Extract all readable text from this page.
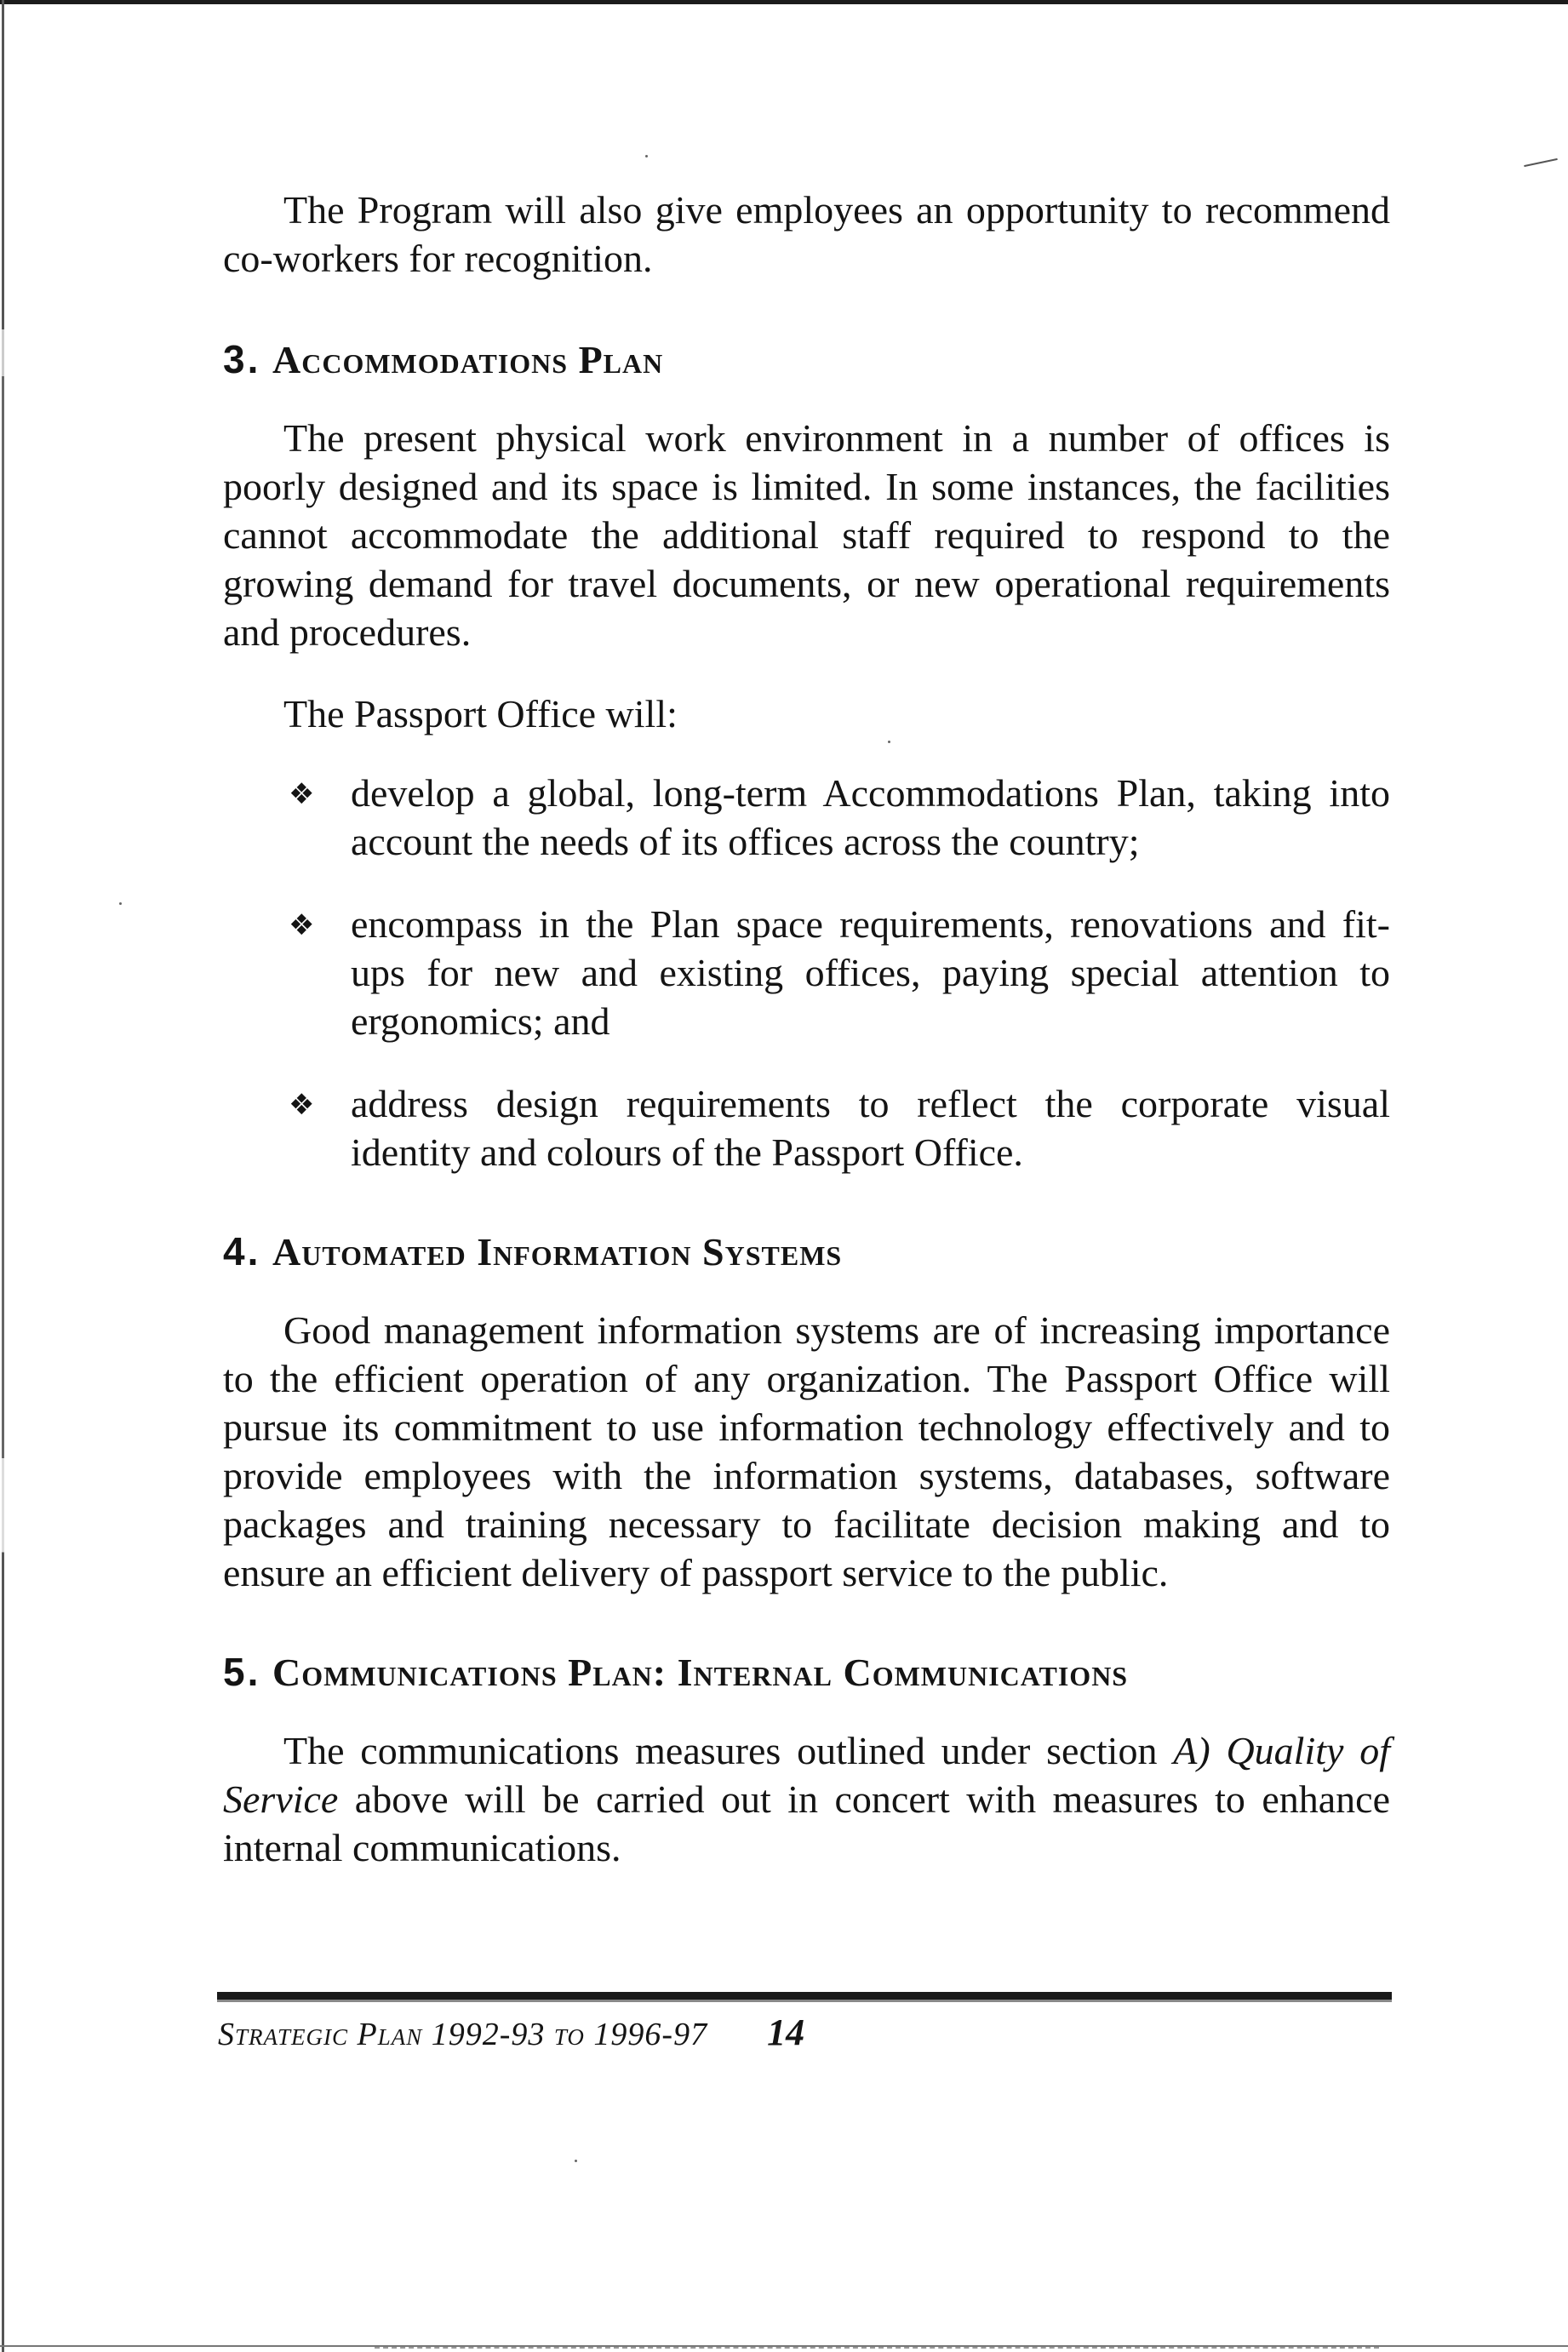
The Program will also give employees an opportunity to recommend co-workers for recognition.

3. Accommodations Plan

The present physical work environment in a number of offices is poorly designed and its space is limited. In some instances, the facilities cannot accommodate the additional staff required to respond to the growing demand for travel documents, or new operational requirements and procedures.

The Passport Office will:

❖ develop a global, long-term Accommodations Plan, taking into account the needs of its offices across the country;
❖ encompass in the Plan space requirements, renovations and fit-ups for new and existing offices, paying special attention to ergonomics; and
❖ address design requirements to reflect the corporate visual identity and colours of the Passport Office.
4. Automated Information Systems

Good management information systems are of increasing importance to the efficient operation of any organization. The Passport Office will pursue its commitment to use information technology effectively and to provide employees with the information systems, databases, software packages and training necessary to facilitate decision making and to ensure an efficient delivery of passport service to the public.

5. Communications Plan: Internal Communications

The communications measures outlined under section A) Quality of Service above will be carried out in concert with measures to enhance internal communications.

Strategic Plan 1992-93 to 1996-97 14
